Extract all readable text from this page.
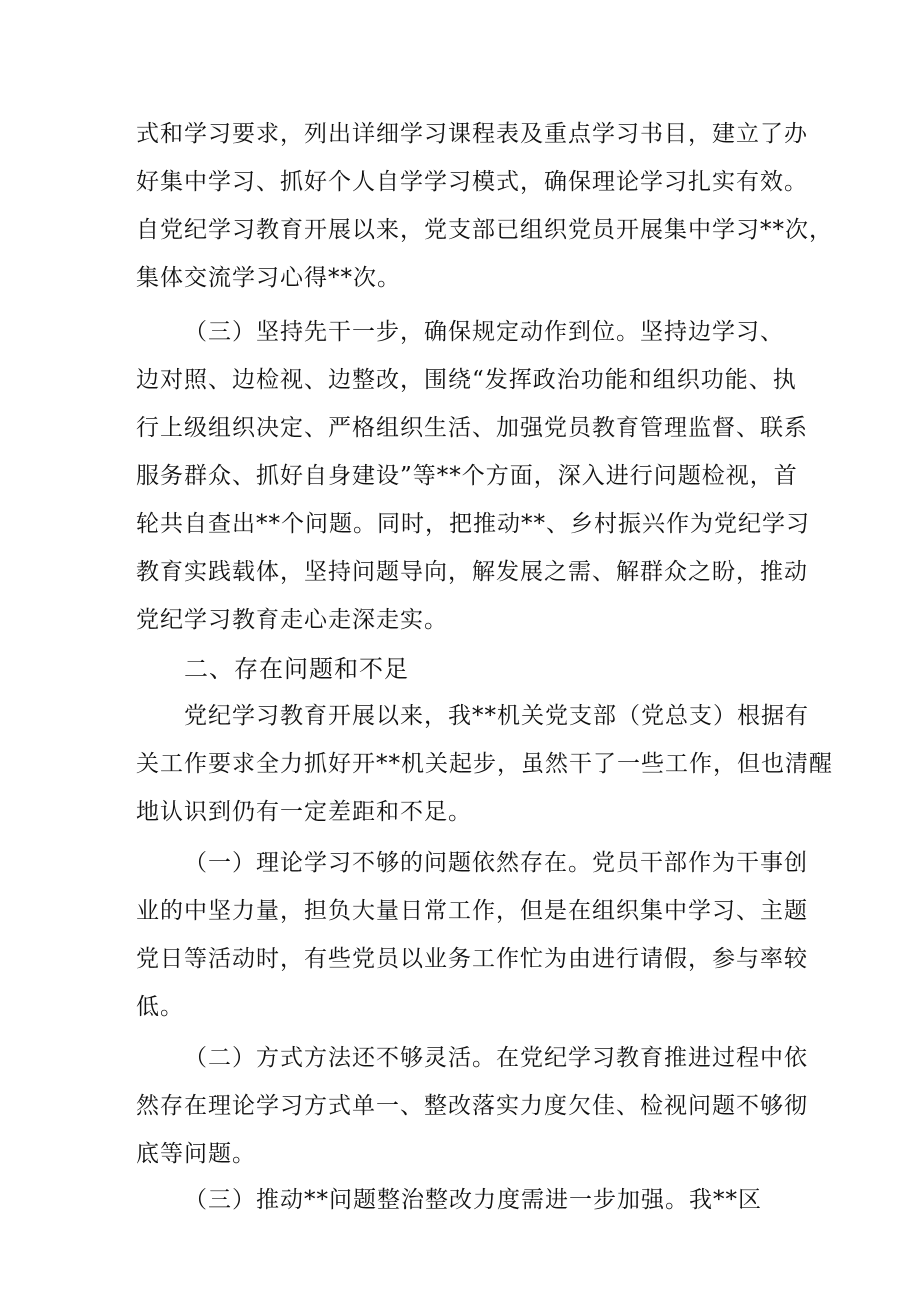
式和学习要求，列出详细学习课程表及重点学习书目，建立了办
好集中学习、抓好个人自学学习模式，确保理论学习扎实有效。
自党纪学习教育开展以来，党支部已组织党员开展集中学习**次，
集体交流学习心得**次。
（三）坚持先干一步，确保规定动作到位。坚持边学习、
边对照、边检视、边整改，围绕“发挥政治功能和组织功能、执
行上级组织决定、严格组织生活、加强党员教育管理监督、联系
服务群众、抓好自身建设”等**个方面，深入进行问题检视，首
轮共自查出**个问题。同时，把推动**、乡村振兴作为党纪学习
教育实践载体，坚持问题导向，解发展之需、解群众之盼，推动
党纪学习教育走心走深走实。
二、存在问题和不足
党纪学习教育开展以来，我**机关党支部（党总支）根据有
关工作要求全力抓好开**机关起步，虽然干了一些工作，但也清醒
地认识到仍有一定差距和不足。
（一）理论学习不够的问题依然存在。党员干部作为干事创
业的中坚力量，担负大量日常工作，但是在组织集中学习、主题
党日等活动时，有些党员以业务工作忙为由进行请假，参与率较
低。
（二）方式方法还不够灵活。在党纪学习教育推进过程中依
然存在理论学习方式单一、整改落实力度欠佳、检视问题不够彻
底等问题。
（三）推动**问题整治整改力度需进一步加强。我**区
